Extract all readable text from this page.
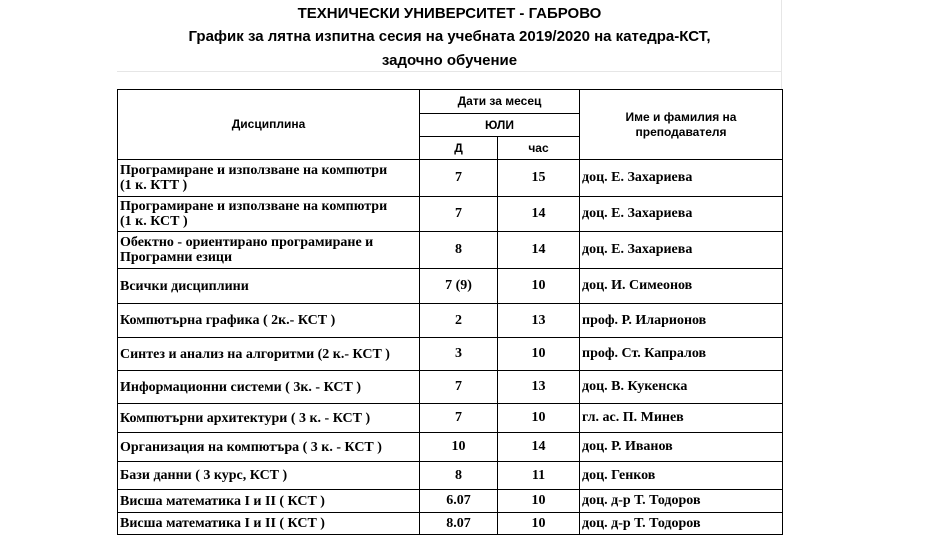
ТЕХНИЧЕСКИ УНИВЕРСИТЕТ - ГАБРОВО
График за лятна изпитна сесия на учебната 2019/2020 на катедра-КСТ,
задочно обучение
Дисциплина	Дати за месец		Име и фамилия на
преподавателя

	ЮЛИ		
	Д	час	

Програмиране и използване на компютри
(1 к. КТТ )	7	15	доц. Е. Захариева

Програмиране и използване на компютри
(1 к. КСТ )	7	14	доц. Е. Захариева

Обектно - ориентирано програмиране и
Програмни езици	8	14	доц. Е. Захариева

Всички дисциплини	7 (9)	10	доц. И. Симеонов

Компютърна графика ( 2к.- КСТ )	2	13	проф. Р. Иларионов

Синтез и анализ на алгоритми (2 к.- КСТ )	3	10	проф. Ст. Капралов

Информационни системи ( 3к. - КСТ )	7	13	доц. В. Кукенска

Компютърни архитектури ( 3 к. - КСТ )	7	10	гл. ас. П. Минев

Организация на компютъра ( 3 к. - КСТ )	10	14	доц. Р. Иванов

Бази данни ( 3 курс, КСТ )	8	11	доц. Генков

Висша математика I и II ( КСТ )	6.07	10	доц. д-р Т. Тодоров

Висша математика I и II ( КСТ )	8.07	10	доц. д-р Т. Тодоров
